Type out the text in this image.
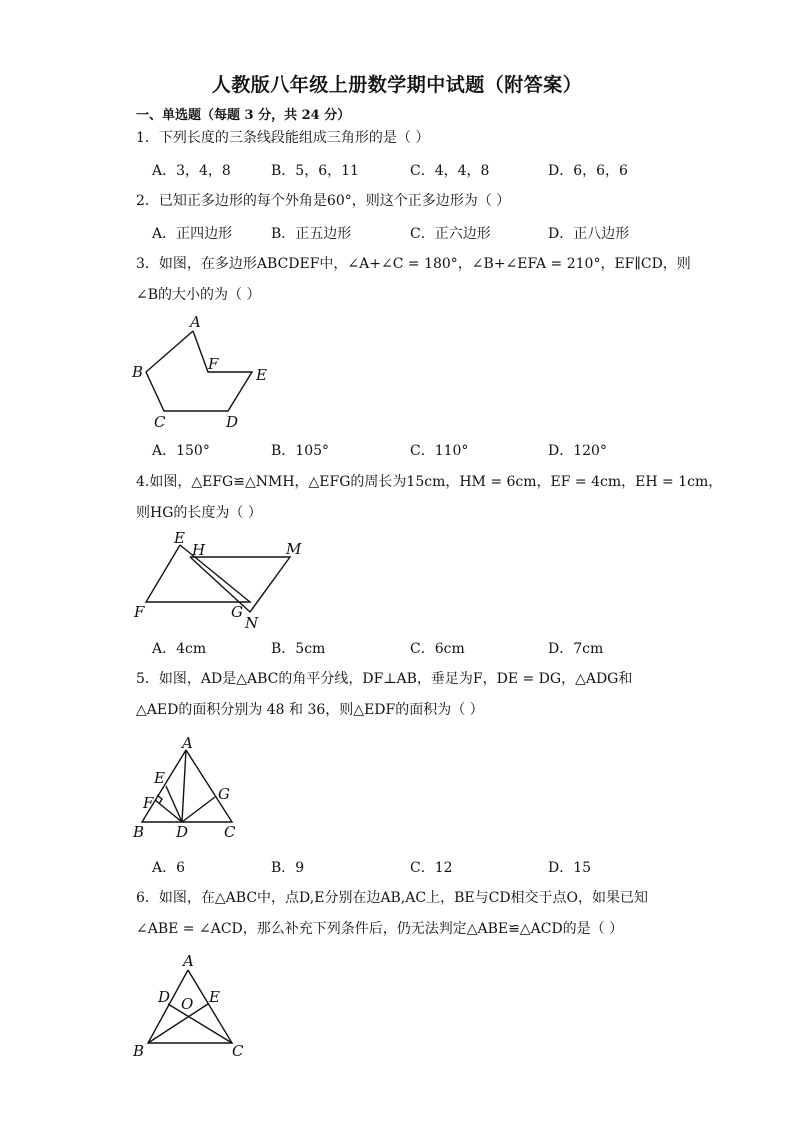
人教版八年级上册数学期中试题（附答案）
一、单选题（每题 3 分，共 24 分）
1．下列长度的三条线段能组成三角形的是（ ）
A．3，4，8	B．5，6，11	C．4，4，8	D．6，6，6
2．已知正多边形的每个外角是60°，则这个正多边形为（ ）
A．正四边形	B．正五边形	C．正六边形	D．正八边形
3．如图，在多边形ABCDEF中，∠A+∠C = 180°，∠B+∠EFA = 210°，EF∥CD，则
∠B的大小的为（ ）
A
B
C	D
E
F
A．150°	B．105°	C．110°	D．120°
4.如图，△EFG≌△NMH，△EFG的周长为15cm，HM = 6cm，EF = 4cm，EH = 1cm，
则HG的长度为（ ）
E
H	M
F	G
N
A．4cm	B．5cm	C．6cm	D．7cm
5．如图，AD是△ABC的角平分线，DF⊥AB，垂足为F，DE = DG，△ADG和
△AED的面积分别为 48 和 36，则△EDF的面积为（ ）
A
E
G
F
B D C
A．6	B．9	C．12	D．15
6．如图，在△ABC中，点D,E分别在边AB,AC上，BE与CD相交于点O，如果已知
∠ABE = ∠ACD，那么补充下列条件后，仍无法判定△ABE≌△ACD的是（ ）
A
D O E
B	C
